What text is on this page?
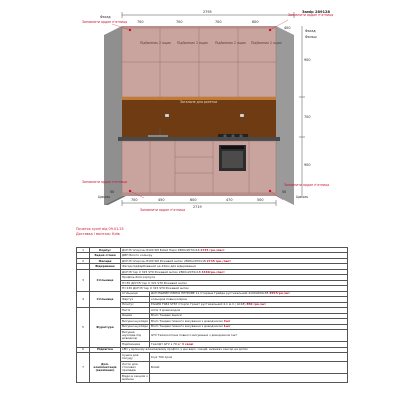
Замір 289128
2795
2719
900
700
900
700	700	700	600
700	450	600	470	500
400
50	50
Підйомник 2 ящик Підйомник 2 ящик Підйомник 2 ящик Підйомник 2 ящик
Заповнити ардан п'ятниця
Заповнити ардан п'ятниця
Фасад
Фасад
Фальш
Загальне для розетки
Заповнити ардан п'ятниця
Заповнити ардан п'ятниця
Заповнити ардан п'ятниця
Цоколь	Цоколь
Початок кухні від 09.01.25
Доставка і монтаж: Київ
1	Корпус	ДСП Егопорсин 8100 SM Білий Перл 2800х2070х18 2745 грн./лист	
	Задня стінка	ДВП Білого кольору	
2	Фасади	ДСП Егопорсин 8100 SM Рожевий антик 2800х2070х18 2745 грн./лист	
	Відкриванн	Фасад підфарбований на 22мм для відкривання	
3	Стільниця	ДСП Еггер U 325 ST9 Рожевий антик 2800х2070х18 4440грн./лист	
		Профіль біля корпуса	
		Н=55 ДСП Еггер U 321 ST9 Рожевий антик	
		Н=130 ДСП Еггер U 315 ST9 Рожевий антик	
4	Стільниця	Стільниця	ДСП ЕШЕЙН РІВНОЇ ПЕТРОВЕ 11 Стиране Грейде рустикальний 4100х600х38 3557грн./шт
		Фартух	кольоров повноколірна
		Плінтус	EGGER F484 ST87 Сторпо Граніт рустикальний 4,1 м.п ( АС18) 850 грн./шт
5	Фурнітура	Петлі	Amix 3 дозвокодом
		Ящики	Blum Тандем ящики
		Висувні шухляди	Blum Тандем повного висування з доводчиком 3шт
		Висувні шухляди	Blum Тандем повного висування з доводчиком 1шт
		Висувна шухляда під доводкою	GTV Телескопічна повного висування з доводчиком 1шт
		Підйомники	Газліфт GTV з 79 кг 3 скові
6	Підсвітка	LED у врізному алюмінієвому профілі, у дні верх. секцій, вимикач сенсор на дотик	
7	Доп. комплектація (вказівник)	Сушка для посуду	Kryz 700 хром
		Лоток для столових приладів	Білий
		Відро в секціях з мийкою	
